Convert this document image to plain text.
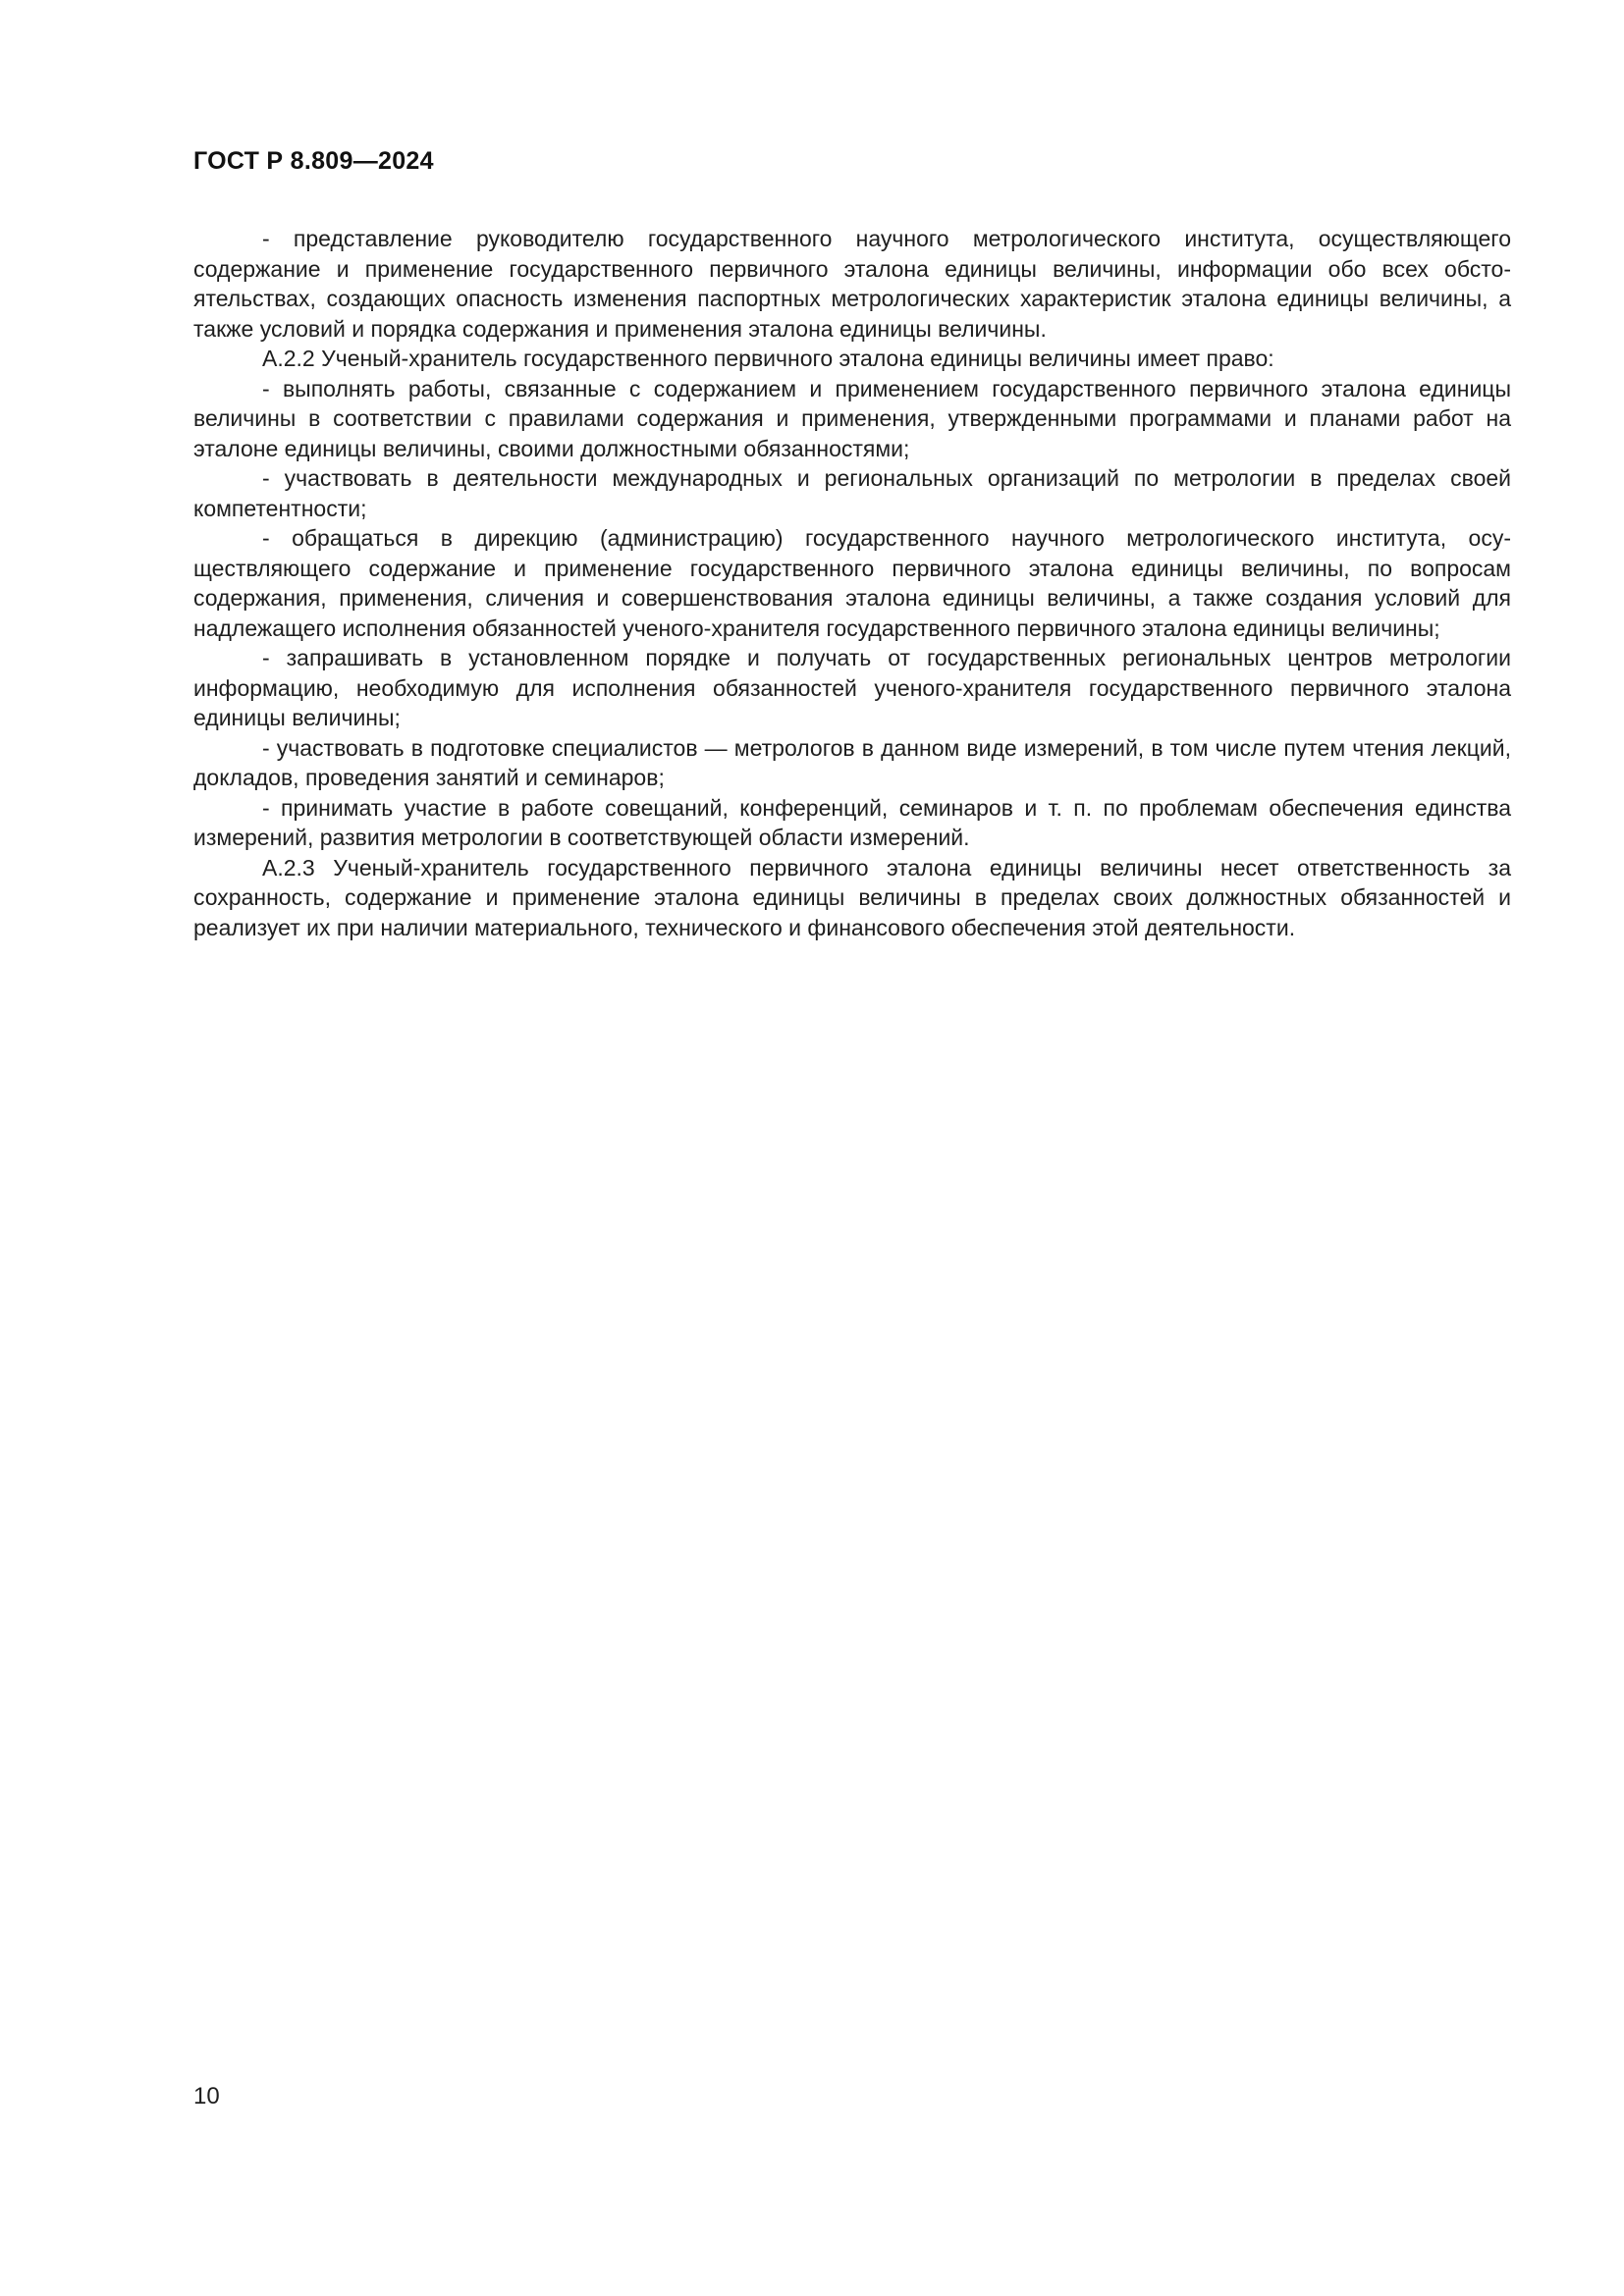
ГОСТ Р 8.809—2024

- представление руководителю государственного научного метрологического института, осуществляющего содержание и применение государственного первичного эталона единицы величины, информации обо всех обстоятельствах, создающих опасность изменения паспортных метрологических характеристик эталона единицы величины, а также условий и порядка содержания и применения эталона единицы величины.

А.2.2 Ученый-хранитель государственного первичного эталона единицы величины имеет право:

- выполнять работы, связанные с содержанием и применением государственного первичного эталона единицы величины в соответствии с правилами содержания и применения, утвержденными программами и планами работ на эталоне единицы величины, своими должностными обязанностями;

- участвовать в деятельности международных и региональных организаций по метрологии в пределах своей компетентности;

- обращаться в дирекцию (администрацию) государственного научного метрологического института, осуществляющего содержание и применение государственного первичного эталона единицы величины, по вопросам содержания, применения, сличения и совершенствования эталона единицы величины, а также создания условий для надлежащего исполнения обязанностей ученого-хранителя государственного первичного эталона единицы величины;

- запрашивать в установленном порядке и получать от государственных региональных центров метрологии информацию, необходимую для исполнения обязанностей ученого-хранителя государственного первичного эталона единицы величины;

- участвовать в подготовке специалистов — метрологов в данном виде измерений, в том числе путем чтения лекций, докладов, проведения занятий и семинаров;

- принимать участие в работе совещаний, конференций, семинаров и т. п. по проблемам обеспечения единства измерений, развития метрологии в соответствующей области измерений.

А.2.3 Ученый-хранитель государственного первичного эталона единицы величины несет ответственность за сохранность, содержание и применение эталона единицы величины в пределах своих должностных обязанностей и реализует их при наличии материального, технического и финансового обеспечения этой деятельности.

10
